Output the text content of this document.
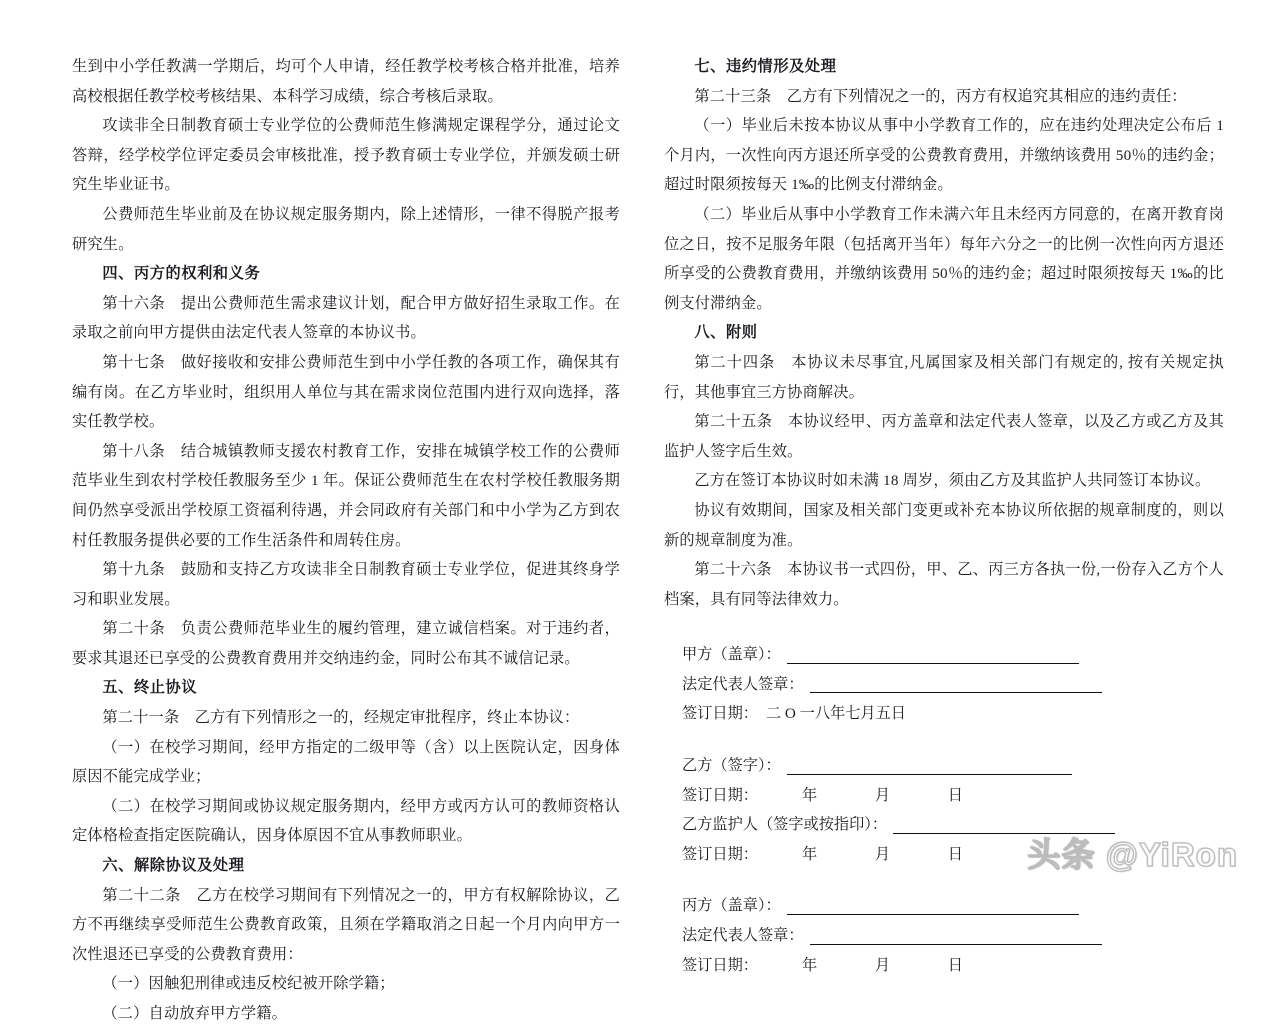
生到中小学任教满一学期后，均可个人申请，经任教学校考核合格并批准，培养高校根据任教学校考核结果、本科学习成绩，综合考核后录取。

攻读非全日制教育硕士专业学位的公费师范生修满规定课程学分，通过论文答辩，经学校学位评定委员会审核批准，授予教育硕士专业学位，并颁发硕士研究生毕业证书。

公费师范生毕业前及在协议规定服务期内，除上述情形，一律不得脱产报考研究生。

四、丙方的权利和义务

第十六条　提出公费师范生需求建议计划，配合甲方做好招生录取工作。在录取之前向甲方提供由法定代表人签章的本协议书。

第十七条　做好接收和安排公费师范生到中小学任教的各项工作，确保其有编有岗。在乙方毕业时，组织用人单位与其在需求岗位范围内进行双向选择，落实任教学校。

第十八条　结合城镇教师支援农村教育工作，安排在城镇学校工作的公费师范毕业生到农村学校任教服务至少 1 年。保证公费师范生在农村学校任教服务期间仍然享受派出学校原工资福利待遇，并会同政府有关部门和中小学为乙方到农村任教服务提供必要的工作生活条件和周转住房。

第十九条　鼓励和支持乙方攻读非全日制教育硕士专业学位，促进其终身学习和职业发展。

第二十条　负责公费师范毕业生的履约管理，建立诚信档案。对于违约者，要求其退还已享受的公费教育费用并交纳违约金，同时公布其不诚信记录。

五、终止协议

第二十一条　乙方有下列情形之一的，经规定审批程序，终止本协议：

（一）在校学习期间，经甲方指定的二级甲等（含）以上医院认定，因身体原因不能完成学业；

（二）在校学习期间或协议规定服务期内，经甲方或丙方认可的教师资格认定体格检查指定医院确认，因身体原因不宜从事教师职业。

六、解除协议及处理

第二十二条　乙方在校学习期间有下列情况之一的，甲方有权解除协议，乙方不再继续享受师范生公费教育政策，且须在学籍取消之日起一个月内向甲方一次性退还已享受的公费教育费用：

（一）因触犯刑律或违反校纪被开除学籍；

（二）自动放弃甲方学籍。

七、违约情形及处理

第二十三条　乙方有下列情况之一的，丙方有权追究其相应的违约责任：

（一）毕业后未按本协议从事中小学教育工作的，应在违约处理决定公布后 1 个月内，一次性向丙方退还所享受的公费教育费用，并缴纳该费用 50％的违约金；超过时限须按每天 1‰的比例支付滞纳金。

（二）毕业后从事中小学教育工作未满六年且未经丙方同意的，在离开教育岗位之日，按不足服务年限（包括离开当年）每年六分之一的比例一次性向丙方退还所享受的公费教育费用，并缴纳该费用 50％的违约金；超过时限须按每天 1‰的比例支付滞纳金。

八、附则

第二十四条　本协议未尽事宜,凡属国家及相关部门有规定的, 按有关规定执行，其他事宜三方协商解决。

第二十五条　本协议经甲、丙方盖章和法定代表人签章，以及乙方或乙方及其监护人签字后生效。

乙方在签订本协议时如未满 18 周岁，须由乙方及其监护人共同签订本协议。

协议有效期间，国家及相关部门变更或补充本协议所依据的规章制度的，则以新的规章制度为准。

第二十六条　本协议书一式四份，甲、乙、丙三方各执一份,一份存入乙方个人档案，具有同等法律效力。

甲方（盖章）：
法定代表人签章：
签订日期： 二 O 一八年七月五日
乙方（签字）：
签订日期：	年　月　日
乙方监护人（签字或按指印）：
签订日期：	年　月　日
丙方（盖章）：
法定代表人签章：
签订日期：	年　月　日
头条 @YiRon
